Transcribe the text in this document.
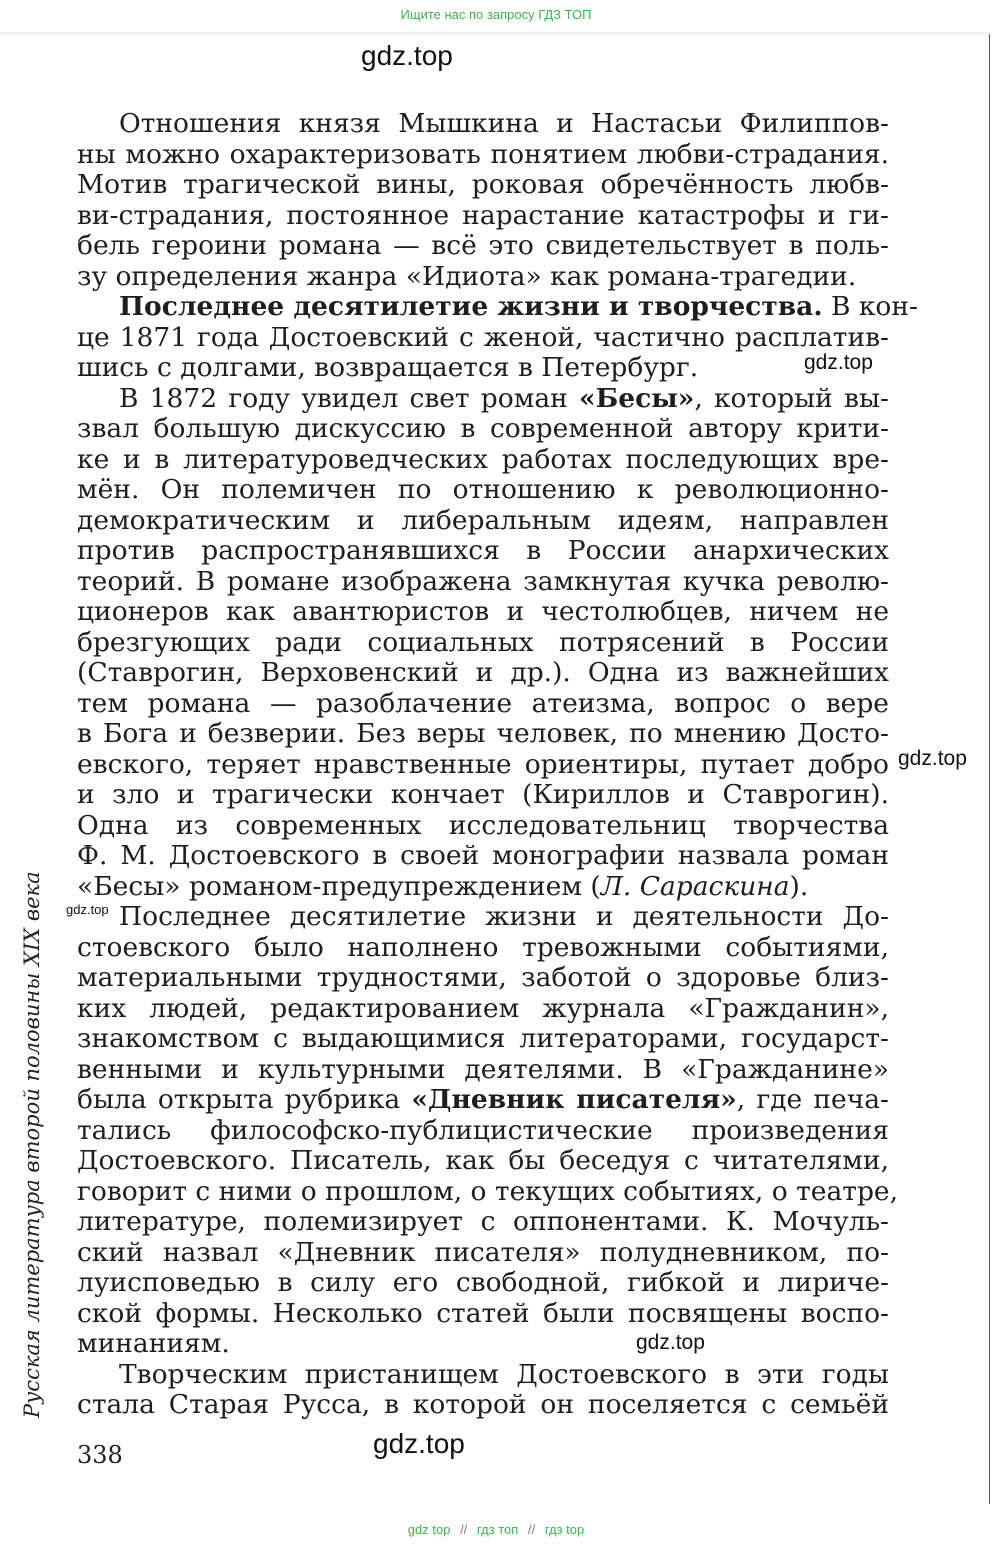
Ищите нас по запросу ГДЗ ТОП
gdz.top
gdz.top
gdz.top
gdz.top
gdz.top
gdz.top
Русская литература второй половины XIX века
Отношения князя Мышкина и Настасьи Филиппов-
ны можно охарактеризовать понятием любви-страдания.
Мотив трагической вины, роковая обречённость любв-
ви-страдания, постоянное нарастание катастрофы и ги-
бель героини романа — всё это свидетельствует в поль-
зу определения жанра «Идиота» как романа-трагедии.
Последнее десятилетие жизни и творчества. В кон-
це 1871 года Достоевский с женой, частично расплатив-
шись с долгами, возвращается в Петербург.
В 1872 году увидел свет роман «Бесы», который вы-
звал большую дискуссию в современной автору крити-
ке и в литературоведческих работах последующих вре-
мён. Он полемичен по отношению к революционно-
демократическим и либеральным идеям, направлен
против распространявшихся в России анархических
теорий. В романе изображена замкнутая кучка револю-
ционеров как авантюристов и честолюбцев, ничем не
брезгующих ради социальных потрясений в России
(Ставрогин, Верховенский и др.). Одна из важнейших
тем романа — разоблачение атеизма, вопрос о вере
в Бога и безверии. Без веры человек, по мнению Досто-
евского, теряет нравственные ориентиры, путает добро
и зло и трагически кончает (Кириллов и Ставрогин).
Одна из современных исследовательниц творчества
Ф. М. Достоевского в своей монографии назвала роман
«Бесы» романом-предупреждением (Л. Сараскина).
Последнее десятилетие жизни и деятельности До-
стоевского было наполнено тревожными событиями,
материальными трудностями, заботой о здоровье близ-
ких людей, редактированием журнала «Гражданин»,
знакомством с выдающимися литераторами, государст-
венными и культурными деятелями. В «Гражданине»
была открыта рубрика «Дневник писателя», где печа-
тались философско-публицистические произведения
Достоевского. Писатель, как бы беседуя с читателями,
говорит с ними о прошлом, о текущих событиях, о театре,
литературе, полемизирует с оппонентами. К. Мочуль-
ский назвал «Дневник писателя» полудневником, по-
луисповедью в силу его свободной, гибкой и лириче-
ской формы. Несколько статей были посвящены воспо-
минаниям.
Творческим пристанищем Достоевского в эти годы
стала Старая Русса, в которой он поселяется с семьёй
338
gdz top // гдз топ // гдз top
